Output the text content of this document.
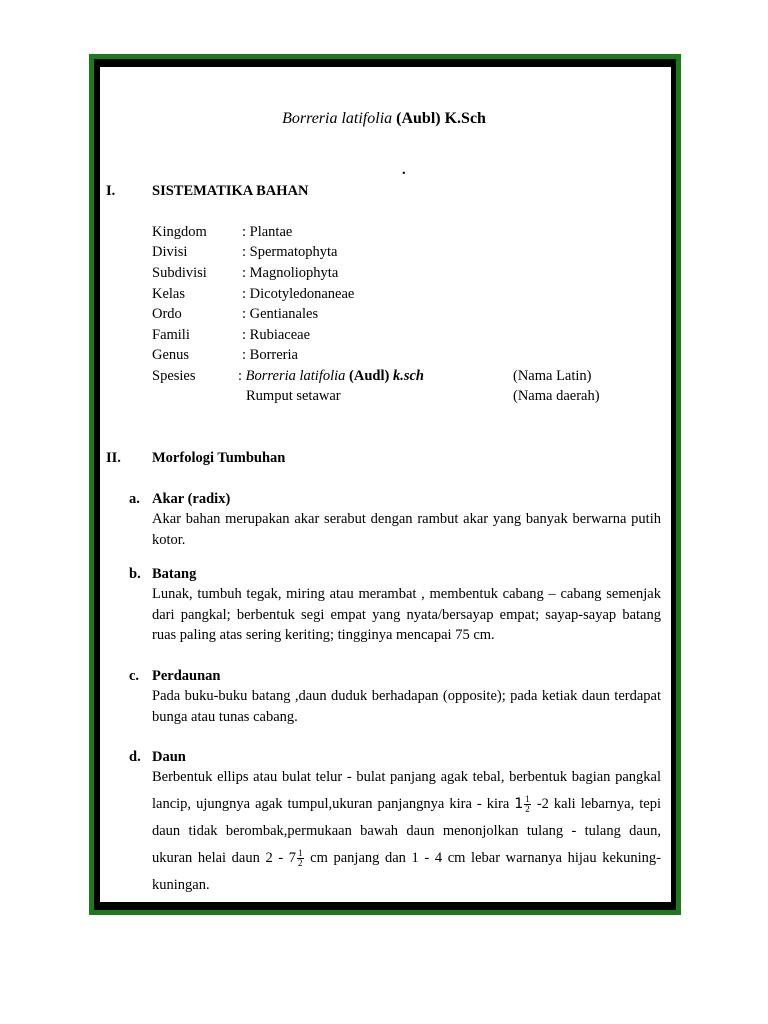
Borreria latifolia (Aubl) K.Sch
.
I.	SISTEMATIKA BAHAN
Kingdom : Plantae
Divisi	: Spermatophyta
Subdivisi : Magnoliophyta
Kelas	: Dicotyledonaneae
Ordo	: Gentianales
Famili	: Rubiaceae
Genus	: Borreria
Spesies	: Borreria latifolia (Audl) k.sch	(Nama Latin)
Rumput setawar	(Nama daerah)
II. Morfologi Tumbuhan
a. Akar (radix)
Akar bahan merupakan akar serabut dengan rambut akar yang banyak berwarna putih kotor.
b. Batang
Lunak, tumbuh tegak, miring atau merambat , membentuk cabang – cabang semenjak dari pangkal; berbentuk segi empat yang nyata/bersayap empat; sayap-sayap batang ruas paling atas sering keriting; tingginya mencapai 75 cm.
c. Perdaunan
Pada buku-buku batang ,daun duduk berhadapan (opposite); pada ketiak daun terdapat bunga atau tunas cabang.
d. Daun
Berbentuk ellips atau bulat telur - bulat panjang agak tebal, berbentuk bagian pangkal lancip, ujungnya agak tumpul,ukuran panjangnya kira - kira $1 \frac{1}{2} -2$ kali lebarnya, tepi daun tidak berombak,permukaan bawah daun menonjolkan tulang - tulang daun, ukuran helai daun $2 - 7 \frac{1}{2}$ cm panjang dan 1 - 4 cm lebar warnanya hijau kekuning-kuningan.
